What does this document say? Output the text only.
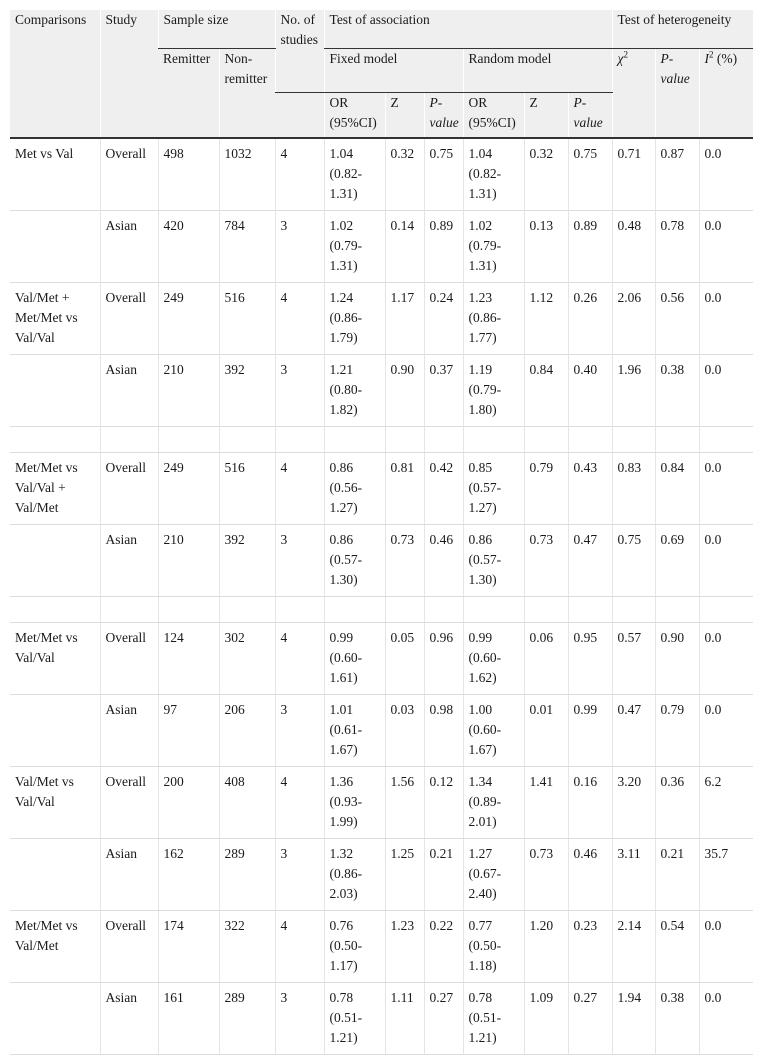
Comparisons	Study	Sample size		No. of studies	Test of association						Test of heterogeneity		
		Remitter	Non-remitter		Fixed model			Random model			$\chi^2$	P-value	$I^2$ (%)
					OR (95%CI)	Z	P-value	OR (95%CI)	Z	P-value			
Met vs Val	Overall	498	1032	4	1.04 (0.82-1.31)	0.32	0.75	1.04 (0.82-1.31)	0.32	0.75	0.71	0.87	0.0
	Asian	420	784	3	1.02 (0.79-1.31)	0.14	0.89	1.02 (0.79-1.31)	0.13	0.89	0.48	0.78	0.0
Val/Met + Met/Met vs Val/Val	Overall	249	516	4	1.24 (0.86-1.79)	1.17	0.24	1.23 (0.86-1.77)	1.12	0.26	2.06	0.56	0.0
	Asian	210	392	3	1.21 (0.80-1.82)	0.90	0.37	1.19 (0.79-1.80)	0.84	0.40	1.96	0.38	0.0

Met/Met vs Val/Val + Val/Met	Overall	249	516	4	0.86 (0.56-1.27)	0.81	0.42	0.85 (0.57-1.27)	0.79	0.43	0.83	0.84	0.0
	Asian	210	392	3	0.86 (0.57-1.30)	0.73	0.46	0.86 (0.57-1.30)	0.73	0.47	0.75	0.69	0.0

Met/Met vs Val/Val	Overall	124	302	4	0.99 (0.60-1.61)	0.05	0.96	0.99 (0.60-1.62)	0.06	0.95	0.57	0.90	0.0
	Asian	97	206	3	1.01 (0.61-1.67)	0.03	0.98	1.00 (0.60-1.67)	0.01	0.99	0.47	0.79	0.0
Val/Met vs Val/Val	Overall	200	408	4	1.36 (0.93-1.99)	1.56	0.12	1.34 (0.89-2.01)	1.41	0.16	3.20	0.36	6.2
	Asian	162	289	3	1.32 (0.86-2.03)	1.25	0.21	1.27 (0.67-2.40)	0.73	0.46	3.11	0.21	35.7
Met/Met vs Val/Met	Overall	174	322	4	0.76 (0.50-1.17)	1.23	0.22	0.77 (0.50-1.18)	1.20	0.23	2.14	0.54	0.0
	Asian	161	289	3	0.78 (0.51-1.21)	1.11	0.27	0.78 (0.51-1.21)	1.09	0.27	1.94	0.38	0.0
